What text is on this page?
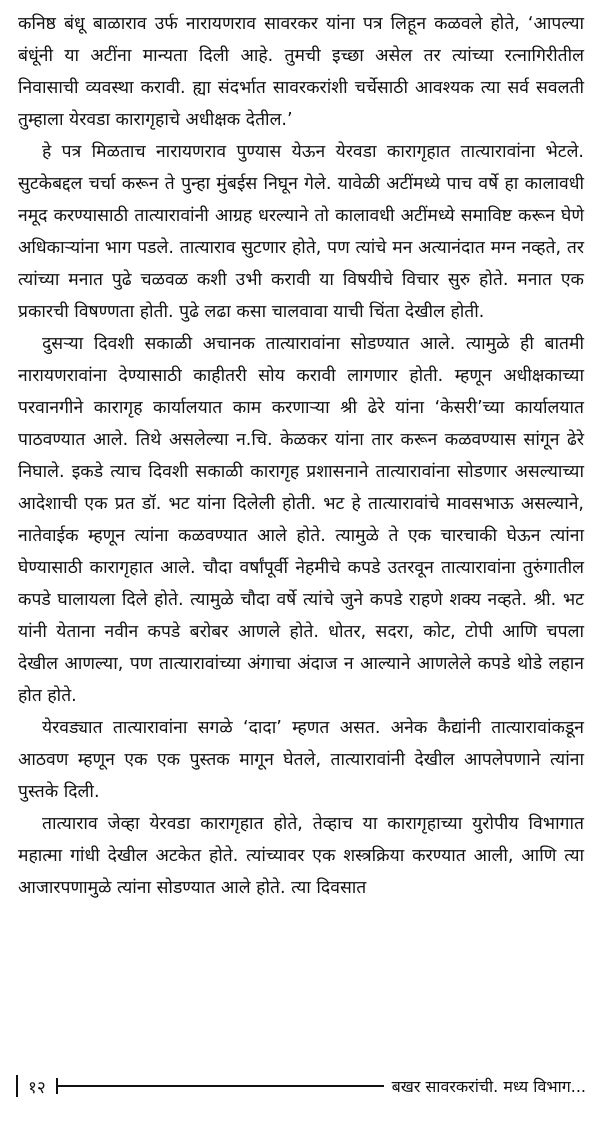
कनिष्ठ बंधू बाळाराव उर्फ नारायणराव सावरकर यांना पत्र लिहून कळवले होते, ‘आपल्या बंधूंनी या अटींना मान्यता दिली आहे. तुमची इच्छा असेल तर त्यांच्या रत्नागिरीतील निवासाची व्यवस्था करावी. ह्या संदर्भात सावरकरांशी चर्चेसाठी आवश्यक त्या सर्व सवलती तुम्हाला येरवडा कारागृहाचे अधीक्षक देतील.’

हे पत्र मिळताच नारायणराव पुण्यास येऊन येरवडा कारागृहात तात्यारावांना भेटले. सुटकेबद्दल चर्चा करून ते पुन्हा मुंबईस निघून गेले. यावेळी अटींमध्ये पाच वर्षे हा कालावधी नमूद करण्यासाठी तात्यारावांनी आग्रह धरल्याने तो कालावधी अटींमध्ये समाविष्ट करून घेणे अधिकाऱ्यांना भाग पडले. तात्याराव सुटणार होते, पण त्यांचे मन अत्यानंदात मग्न नव्हते, तर त्यांच्या मनात पुढे चळवळ कशी उभी करावी या विषयीचे विचार सुरु होते. मनात एक प्रकारची विषण्णता होती. पुढे लढा कसा चालवावा याची चिंता देखील होती.

दुसऱ्या दिवशी सकाळी अचानक तात्यारावांना सोडण्यात आले. त्यामुळे ही बातमी नारायणरावांना देण्यासाठी काहीतरी सोय करावी लागणार होती. म्हणून अधीक्षकाच्या परवानगीने कारागृह कार्यालयात काम करणाऱ्या श्री ढेरे यांना ‘केसरी’च्या कार्यालयात पाठवण्यात आले. तिथे असलेल्या न.चि. केळकर यांना तार करून कळवण्यास सांगून ढेरे निघाले. इकडे त्याच दिवशी सकाळी कारागृह प्रशासनाने तात्यारावांना सोडणार असल्याच्या आदेशाची एक प्रत डॉ. भट यांना दिलेली होती. भट हे तात्यारावांचे मावसभाऊ असल्याने, नातेवाईक म्हणून त्यांना कळवण्यात आले होते. त्यामुळे ते एक चारचाकी घेऊन त्यांना घेण्यासाठी कारागृहात आले. चौदा वर्षांपूर्वी नेहमीचे कपडे उतरवून तात्यारावांना तुरुंगातील कपडे घालायला दिले होते. त्यामुळे चौदा वर्षे त्यांचे जुने कपडे राहणे शक्य नव्हते. श्री. भट यांनी येताना नवीन कपडे बरोबर आणले होते. धोतर, सदरा, कोट, टोपी आणि चपला देखील आणल्या, पण तात्यारावांच्या अंगाचा अंदाज न आल्याने आणलेले कपडे थोडे लहान होत होते.

येरवड्यात तात्यारावांना सगळे ‘दादा’ म्हणत असत. अनेक कैद्यांनी तात्यारावांकडून आठवण म्हणून एक एक पुस्तक मागून घेतले, तात्यारावांनी देखील आपलेपणाने त्यांना पुस्तके दिली.

तात्याराव जेव्हा येरवडा कारागृहात होते, तेव्हाच या कारागृहाच्या युरोपीय विभागात महात्मा गांधी देखील अटकेत होते. त्यांच्यावर एक शस्त्रक्रिया करण्यात आली, आणि त्या आजारपणामुळे त्यांना सोडण्यात आले होते. त्या दिवसात

१२	बखर सावरकरांची. मध्य विभाग...
